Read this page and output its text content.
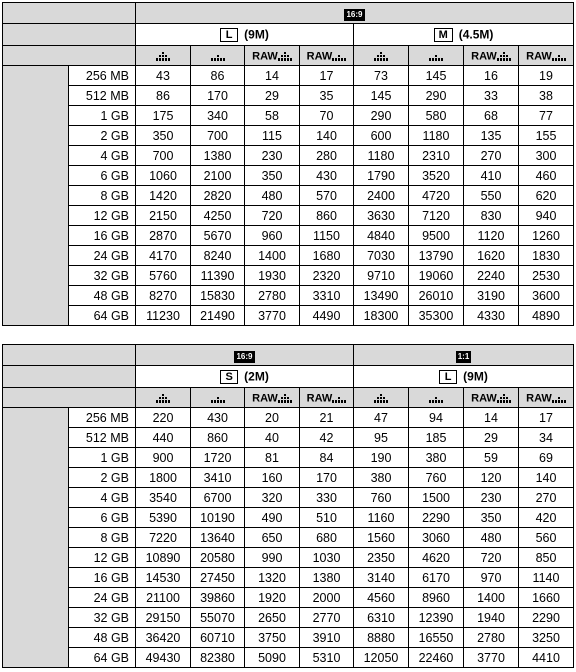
		16:9							
		L (9M)				M (4.5M)			
			RAW	RAW			RAW	RAW
	256 MB	43	86	14	17	73	145	16	19
	512 MB	86	170	29	35	145	290	33	38
	1 GB	175	340	58	70	290	580	68	77
	2 GB	350	700	115	140	600	1180	135	155
	4 GB	700	1380	230	280	1180	2310	270	300
	6 GB	1060	2100	350	430	1790	3520	410	460
	8 GB	1420	2820	480	570	2400	4720	550	620
	12 GB	2150	4250	720	860	3630	7120	830	940
	16 GB	2870	5670	960	1150	4840	9500	1120	1260
	24 GB	4170	8240	1400	1680	7030	13790	1620	1830
	32 GB	5760	11390	1930	2320	9710	19060	2240	2530
	48 GB	8270	15830	2780	3310	13490	26010	3190	3600
	64 GB	11230	21490	3770	4490	18300	35300	4330	4890
		16:9				1:1			
		S (2M)				L (9M)			
			RAW	RAW			RAW	RAW
	256 MB	220	430	20	21	47	94	14	17
	512 MB	440	860	40	42	95	185	29	34
	1 GB	900	1720	81	84	190	380	59	69
	2 GB	1800	3410	160	170	380	760	120	140
	4 GB	3540	6700	320	330	760	1500	230	270
	6 GB	5390	10190	490	510	1160	2290	350	420
	8 GB	7220	13640	650	680	1560	3060	480	560
	12 GB	10890	20580	990	1030	2350	4620	720	850
	16 GB	14530	27450	1320	1380	3140	6170	970	1140
	24 GB	21100	39860	1920	2000	4560	8960	1400	1660
	32 GB	29150	55070	2650	2770	6310	12390	1940	2290
	48 GB	36420	60710	3750	3910	8880	16550	2780	3250
	64 GB	49430	82380	5090	5310	12050	22460	3770	4410
